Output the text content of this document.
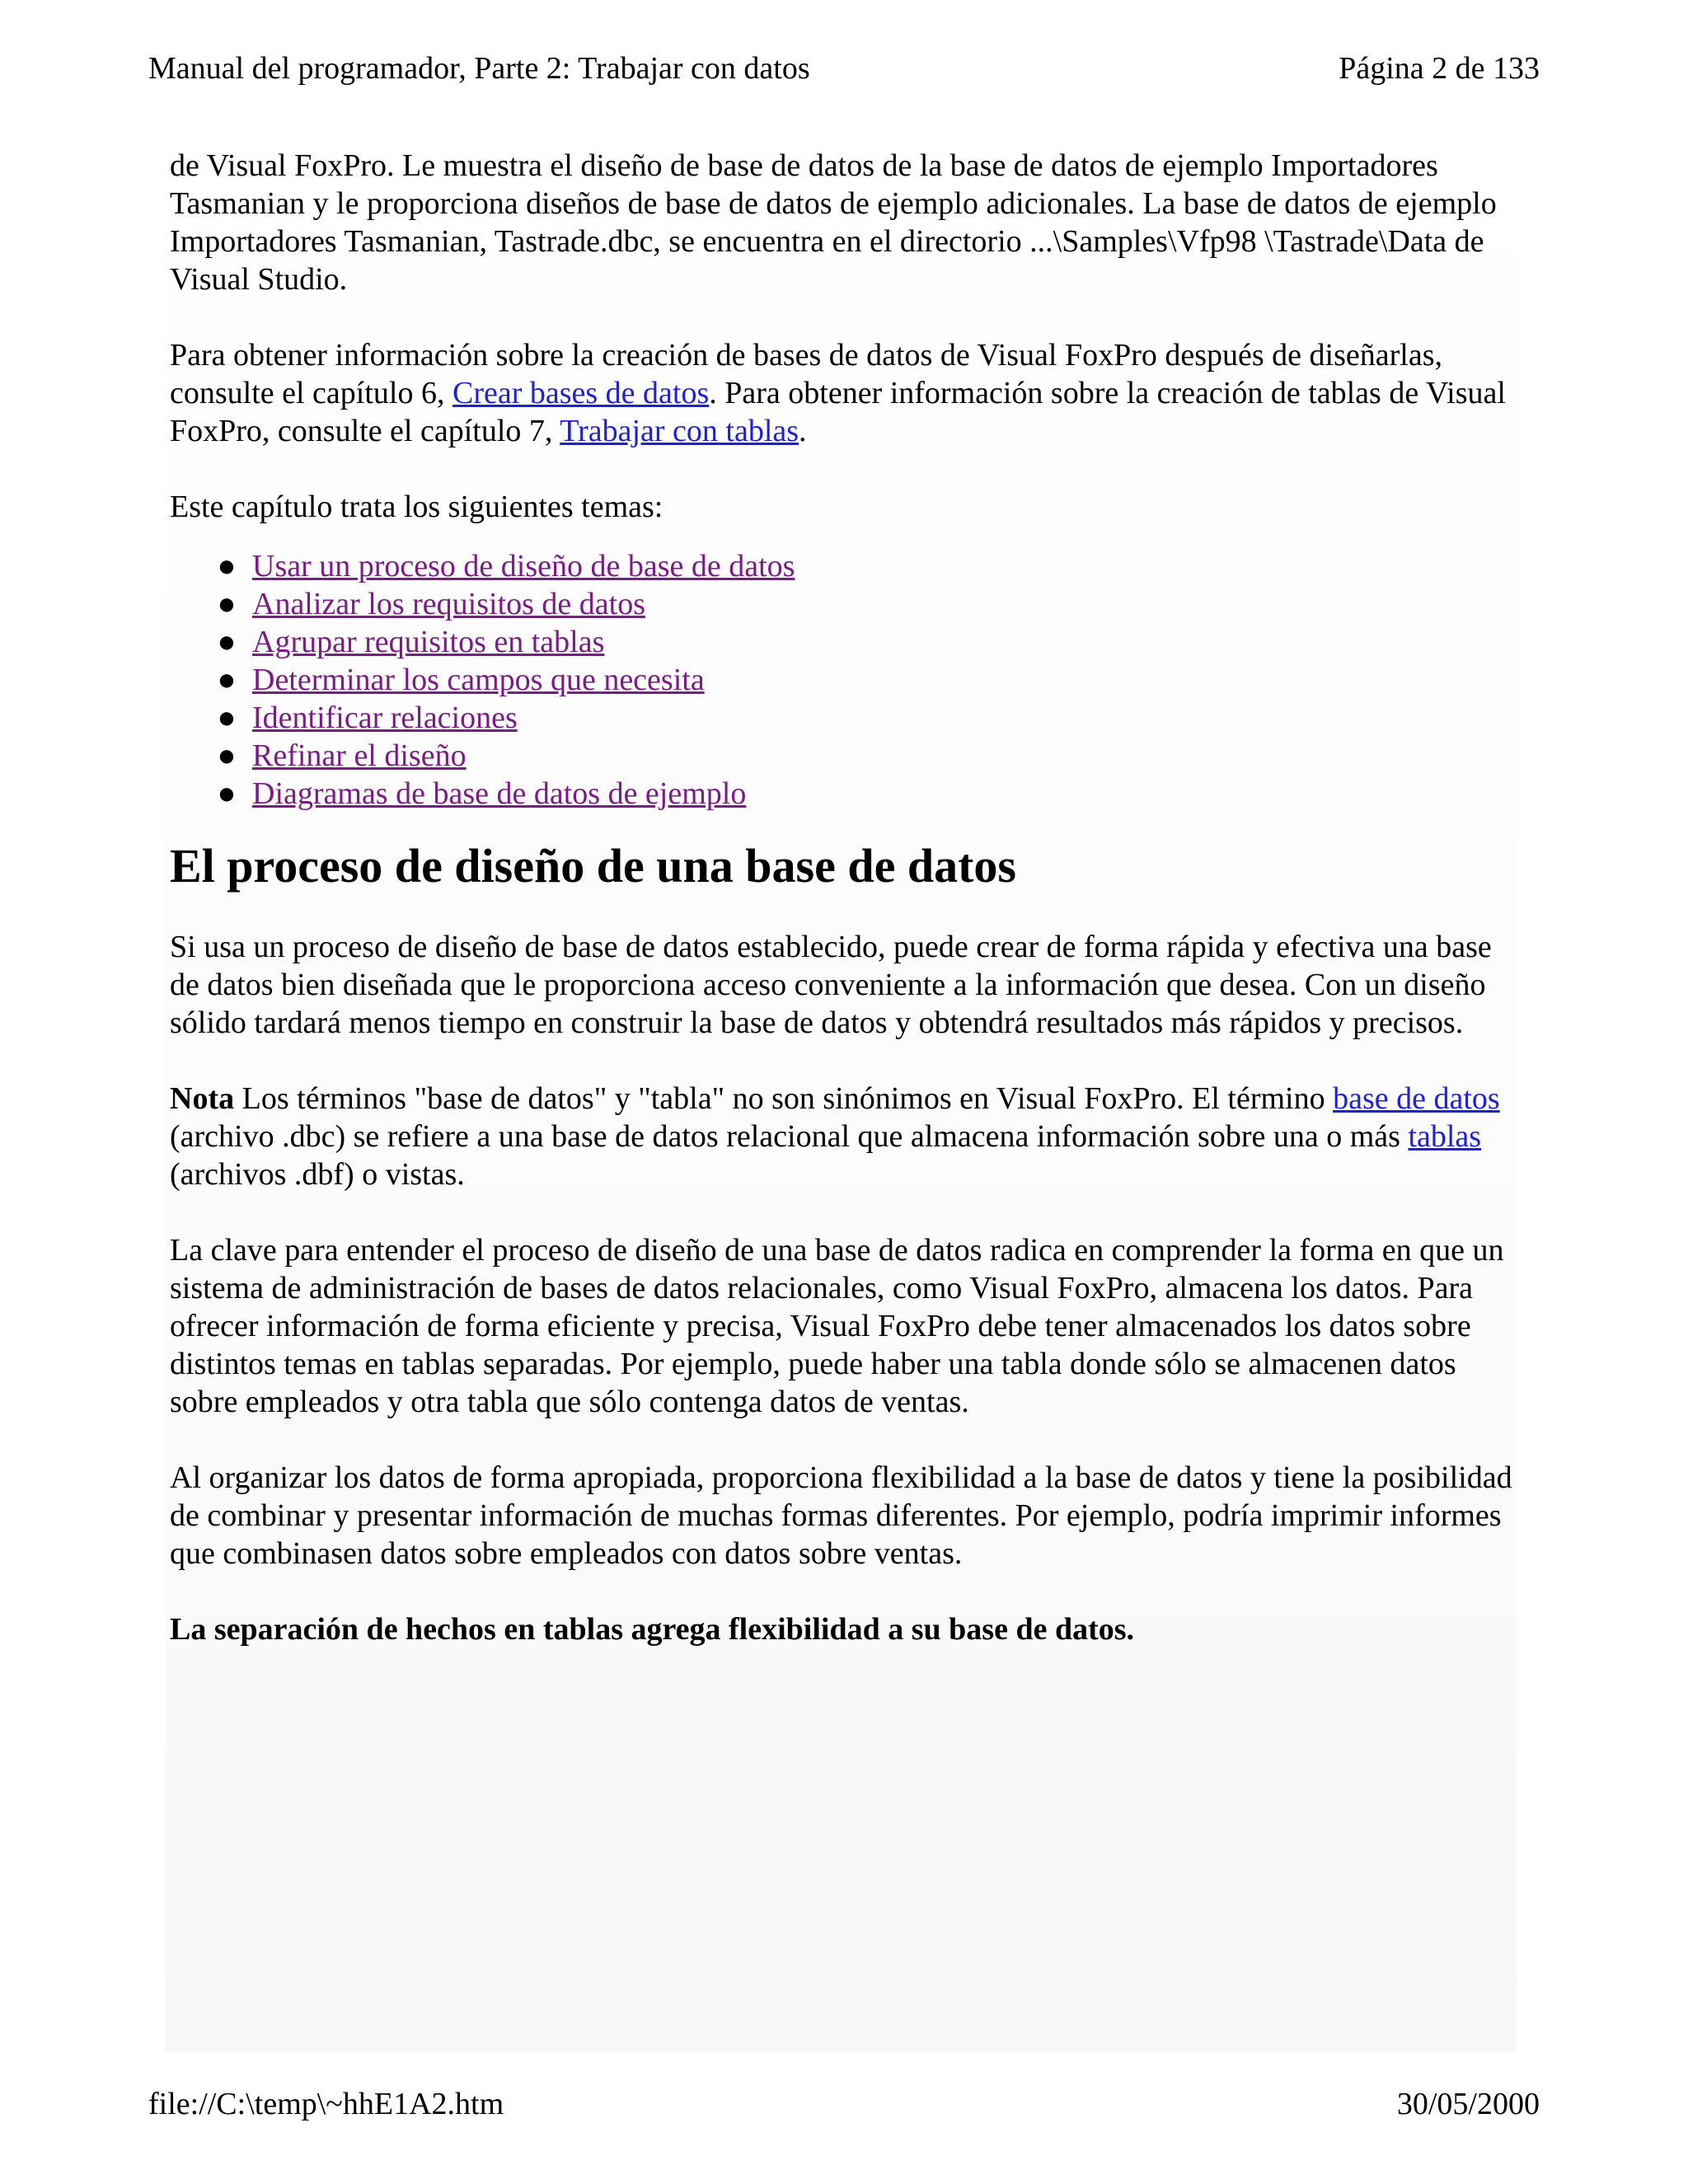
Manual del programador, Parte 2: Trabajar con datos	Página 2 de 133

de Visual FoxPro. Le muestra el diseño de base de datos de la base de datos de ejemplo Importadores Tasmanian y le proporciona diseños de base de datos de ejemplo adicionales. La base de datos de ejemplo Importadores Tasmanian, Tastrade.dbc, se encuentra en el directorio ...\Samples\Vfp98 \Tastrade\Data de Visual Studio.

Para obtener información sobre la creación de bases de datos de Visual FoxPro después de diseñarlas, consulte el capítulo 6, Crear bases de datos. Para obtener información sobre la creación de tablas de Visual FoxPro, consulte el capítulo 7, Trabajar con tablas.

Este capítulo trata los siguientes temas:

● Usar un proceso de diseño de base de datos
● Analizar los requisitos de datos
● Agrupar requisitos en tablas
● Determinar los campos que necesita
● Identificar relaciones
● Refinar el diseño
● Diagramas de base de datos de ejemplo
El proceso de diseño de una base de datos

Si usa un proceso de diseño de base de datos establecido, puede crear de forma rápida y efectiva una base de datos bien diseñada que le proporciona acceso conveniente a la información que desea. Con un diseño sólido tardará menos tiempo en construir la base de datos y obtendrá resultados más rápidos y precisos.

Nota Los términos "base de datos" y "tabla" no son sinónimos en Visual FoxPro. El término base de datos (archivo .dbc) se refiere a una base de datos relacional que almacena información sobre una o más tablas (archivos .dbf) o vistas.

La clave para entender el proceso de diseño de una base de datos radica en comprender la forma en que un sistema de administración de bases de datos relacionales, como Visual FoxPro, almacena los datos. Para ofrecer información de forma eficiente y precisa, Visual FoxPro debe tener almacenados los datos sobre distintos temas en tablas separadas. Por ejemplo, puede haber una tabla donde sólo se almacenen datos sobre empleados y otra tabla que sólo contenga datos de ventas.

Al organizar los datos de forma apropiada, proporciona flexibilidad a la base de datos y tiene la posibilidad de combinar y presentar información de muchas formas diferentes. Por ejemplo, podría imprimir informes que combinasen datos sobre empleados con datos sobre ventas.

La separación de hechos en tablas agrega flexibilidad a su base de datos.

file://C:\temp\~hhE1A2.htm	30/05/2000
